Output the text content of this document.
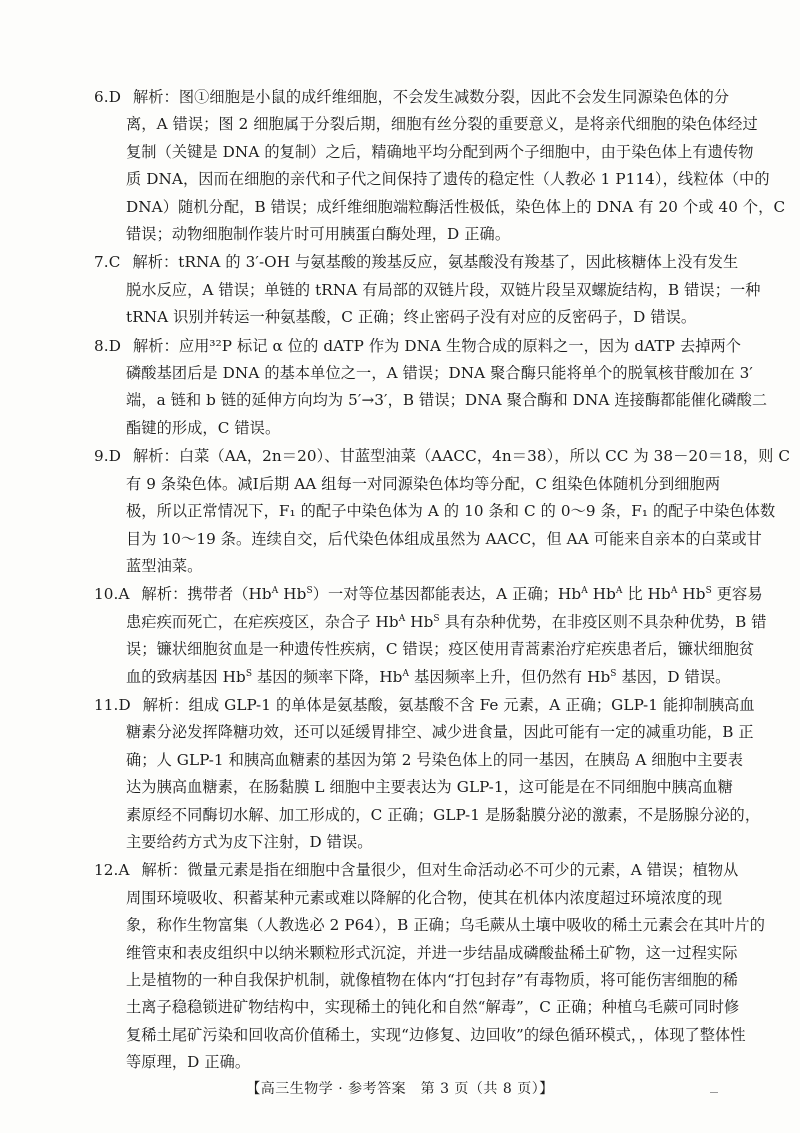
6.D 解析：图①细胞是小鼠的成纤维细胞，不会发生减数分裂，因此不会发生同源染色体的分
离，A 错误；图 2 细胞属于分裂后期，细胞有丝分裂的重要意义，是将亲代细胞的染色体经过
复制（关键是 DNA 的复制）之后，精确地平均分配到两个子细胞中，由于染色体上有遗传物
质 DNA，因而在细胞的亲代和子代之间保持了遗传的稳定性（人教必 1 P114），线粒体（中的
DNA）随机分配，B 错误；成纤维细胞端粒酶活性极低，染色体上的 DNA 有 20 个或 40 个，C
错误；动物细胞制作装片时可用胰蛋白酶处理，D 正确。
7.C 解析：tRNA 的 3′-OH 与氨基酸的羧基反应，氨基酸没有羧基了，因此核糖体上没有发生
脱水反应，A 错误；单链的 tRNA 有局部的双链片段，双链片段呈双螺旋结构，B 错误；一种
tRNA 识别并转运一种氨基酸，C 正确；终止密码子没有对应的反密码子，D 错误。
8.D 解析：应用³²P 标记 α 位的 dATP 作为 DNA 生物合成的原料之一，因为 dATP 去掉两个
磷酸基团后是 DNA 的基本单位之一，A 错误；DNA 聚合酶只能将单个的脱氧核苷酸加在 3′
端，a 链和 b 链的延伸方向均为 5′→3′，B 错误；DNA 聚合酶和 DNA 连接酶都能催化磷酸二
酯键的形成，C 错误。
9.D 解析：白菜（AA，2n＝20）、甘蓝型油菜（AACC，4n＝38），所以 CC 为 38－20＝18，则 C
有 9 条染色体。减Ⅰ后期 AA 组每一对同源染色体均等分配，C 组染色体随机分到细胞两
极，所以正常情况下，F₁ 的配子中染色体为 A 的 10 条和 C 的 0～9 条，F₁ 的配子中染色体数
目为 10～19 条。连续自交，后代染色体组成虽然为 AACC，但 AA 可能来自亲本的白菜或甘
蓝型油菜。
10.A 解析：携带者（$Hb^A$ $Hb^S$）一对等位基因都能表达，A 正确；$Hb^A$ $Hb^A$ 比 $Hb^A$ $Hb^S$ 更容易
患疟疾而死亡，在疟疾疫区，杂合子 $Hb^A$ $Hb^S$ 具有杂种优势，在非疫区则不具杂种优势，B 错
误；镰状细胞贫血是一种遗传性疾病，C 错误；疫区使用青蒿素治疗疟疾患者后，镰状细胞贫
血的致病基因 $Hb^S$ 基因的频率下降，$Hb^A$ 基因频率上升，但仍然有 $Hb^S$ 基因，D 错误。
11.D 解析：组成 GLP-1 的单体是氨基酸，氨基酸不含 Fe 元素，A 正确；GLP-1 能抑制胰高血
糖素分泌发挥降糖功效，还可以延缓胃排空、减少进食量，因此可能有一定的减重功能，B 正
确；人 GLP-1 和胰高血糖素的基因为第 2 号染色体上的同一基因，在胰岛 A 细胞中主要表
达为胰高血糖素，在肠黏膜 L 细胞中主要表达为 GLP-1，这可能是在不同细胞中胰高血糖
素原经不同酶切水解、加工形成的，C 正确；GLP-1 是肠黏膜分泌的激素，不是肠腺分泌的，
主要给药方式为皮下注射，D 错误。
12.A 解析：微量元素是指在细胞中含量很少，但对生命活动必不可少的元素，A 错误；植物从
周围环境吸收、积蓄某种元素或难以降解的化合物，使其在机体内浓度超过环境浓度的现
象，称作生物富集（人教选必 2 P64），B 正确；乌毛蕨从土壤中吸收的稀土元素会在其叶片的
维管束和表皮组织中以纳米颗粒形式沉淀，并进一步结晶成磷酸盐稀土矿物，这一过程实际
上是植物的一种自我保护机制，就像植物在体内“打包封存”有毒物质，将可能伤害细胞的稀
土离子稳稳锁进矿物结构中，实现稀土的钝化和自然“解毒”，C 正确；种植乌毛蕨可同时修
复稀土尾矿污染和回收高价值稀土，实现“边修复、边回收”的绿色循环模式，，体现了整体性
等原理，D 正确。
【高三生物学 · 参考答案　第 3 页（共 8 页）】
